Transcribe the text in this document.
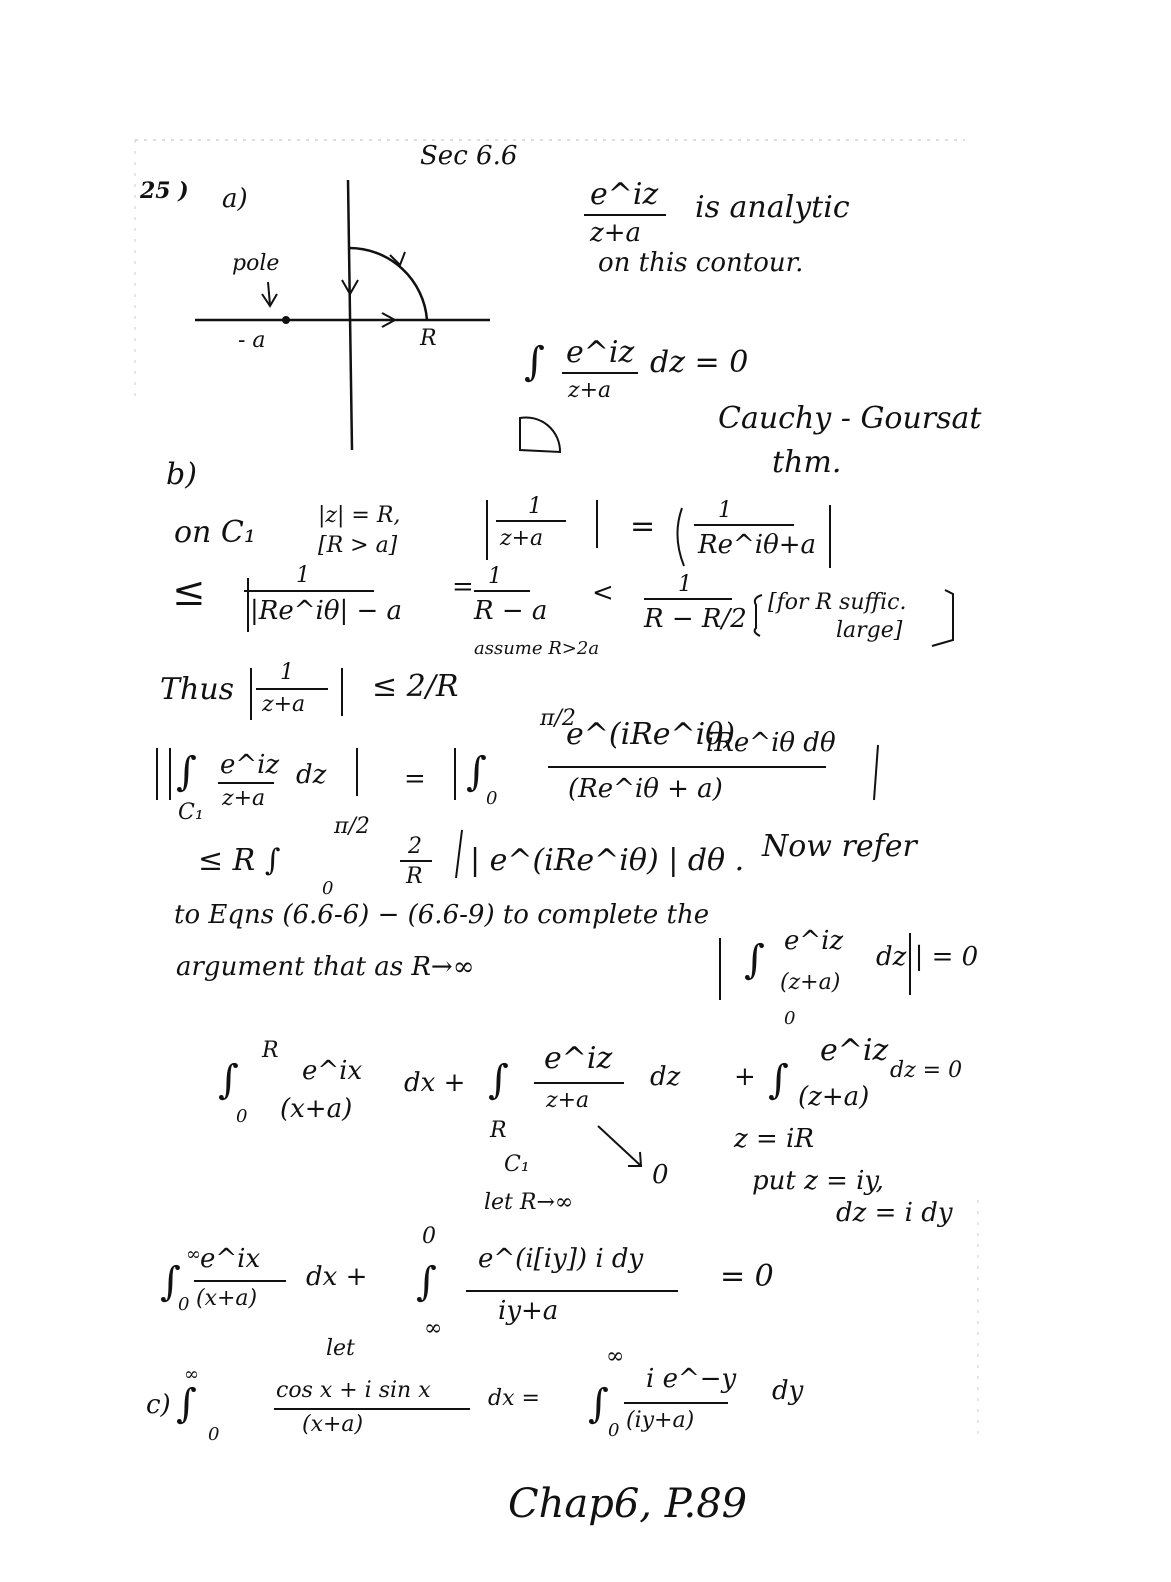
Sec 6.6
25 ) a)
pole
- a	R
e^iz
z+a
is analytic
on this contour.
∫ e^iz
z+a
dz = 0
Cauchy - Goursat
thm.
b)
on C₁	|z| = R,
[R > a]
1
z+a	=	1
Re^iθ+a
≤	1
|Re^iθ| − a
= 1
R − a
<	1
R − R/2
assume R>2a
[for R suffic.
large]
Thus 1
z+a
≤ 2/R
∫ e^iz
z+a
dz	= ∫
π/2
0
e^(iRe^iθ)
iRe^iθ dθ
(Re^iθ + a)
C₁
≤ R ∫
π/2
0
2
R | e^(iRe^iθ) | dθ . Now refer
to Eqns (6.6-6) − (6.6-9) to complete the
argument that as R→∞	∫ e^iz
(z+a)
dz | = 0
∫
R
0
e^ix
(x+a)
dx + ∫
R
e^iz
z+a
dz +
0
∫
e^iz
(z+a)
dz = 0
C₁	0
let R→∞
z = iR
put z = iy,
dz = i dy
∫
∞
0
e^ix
(x+a)
dx +
0
∫
∞
e^(i[iy]) i dy
iy+a
= 0
let
c) ∫
∞
0
cos x + i sin x
(x+a)
dx =
∞
∫
0
i e^−y
(iy+a)
dy
Chap6, P.89
